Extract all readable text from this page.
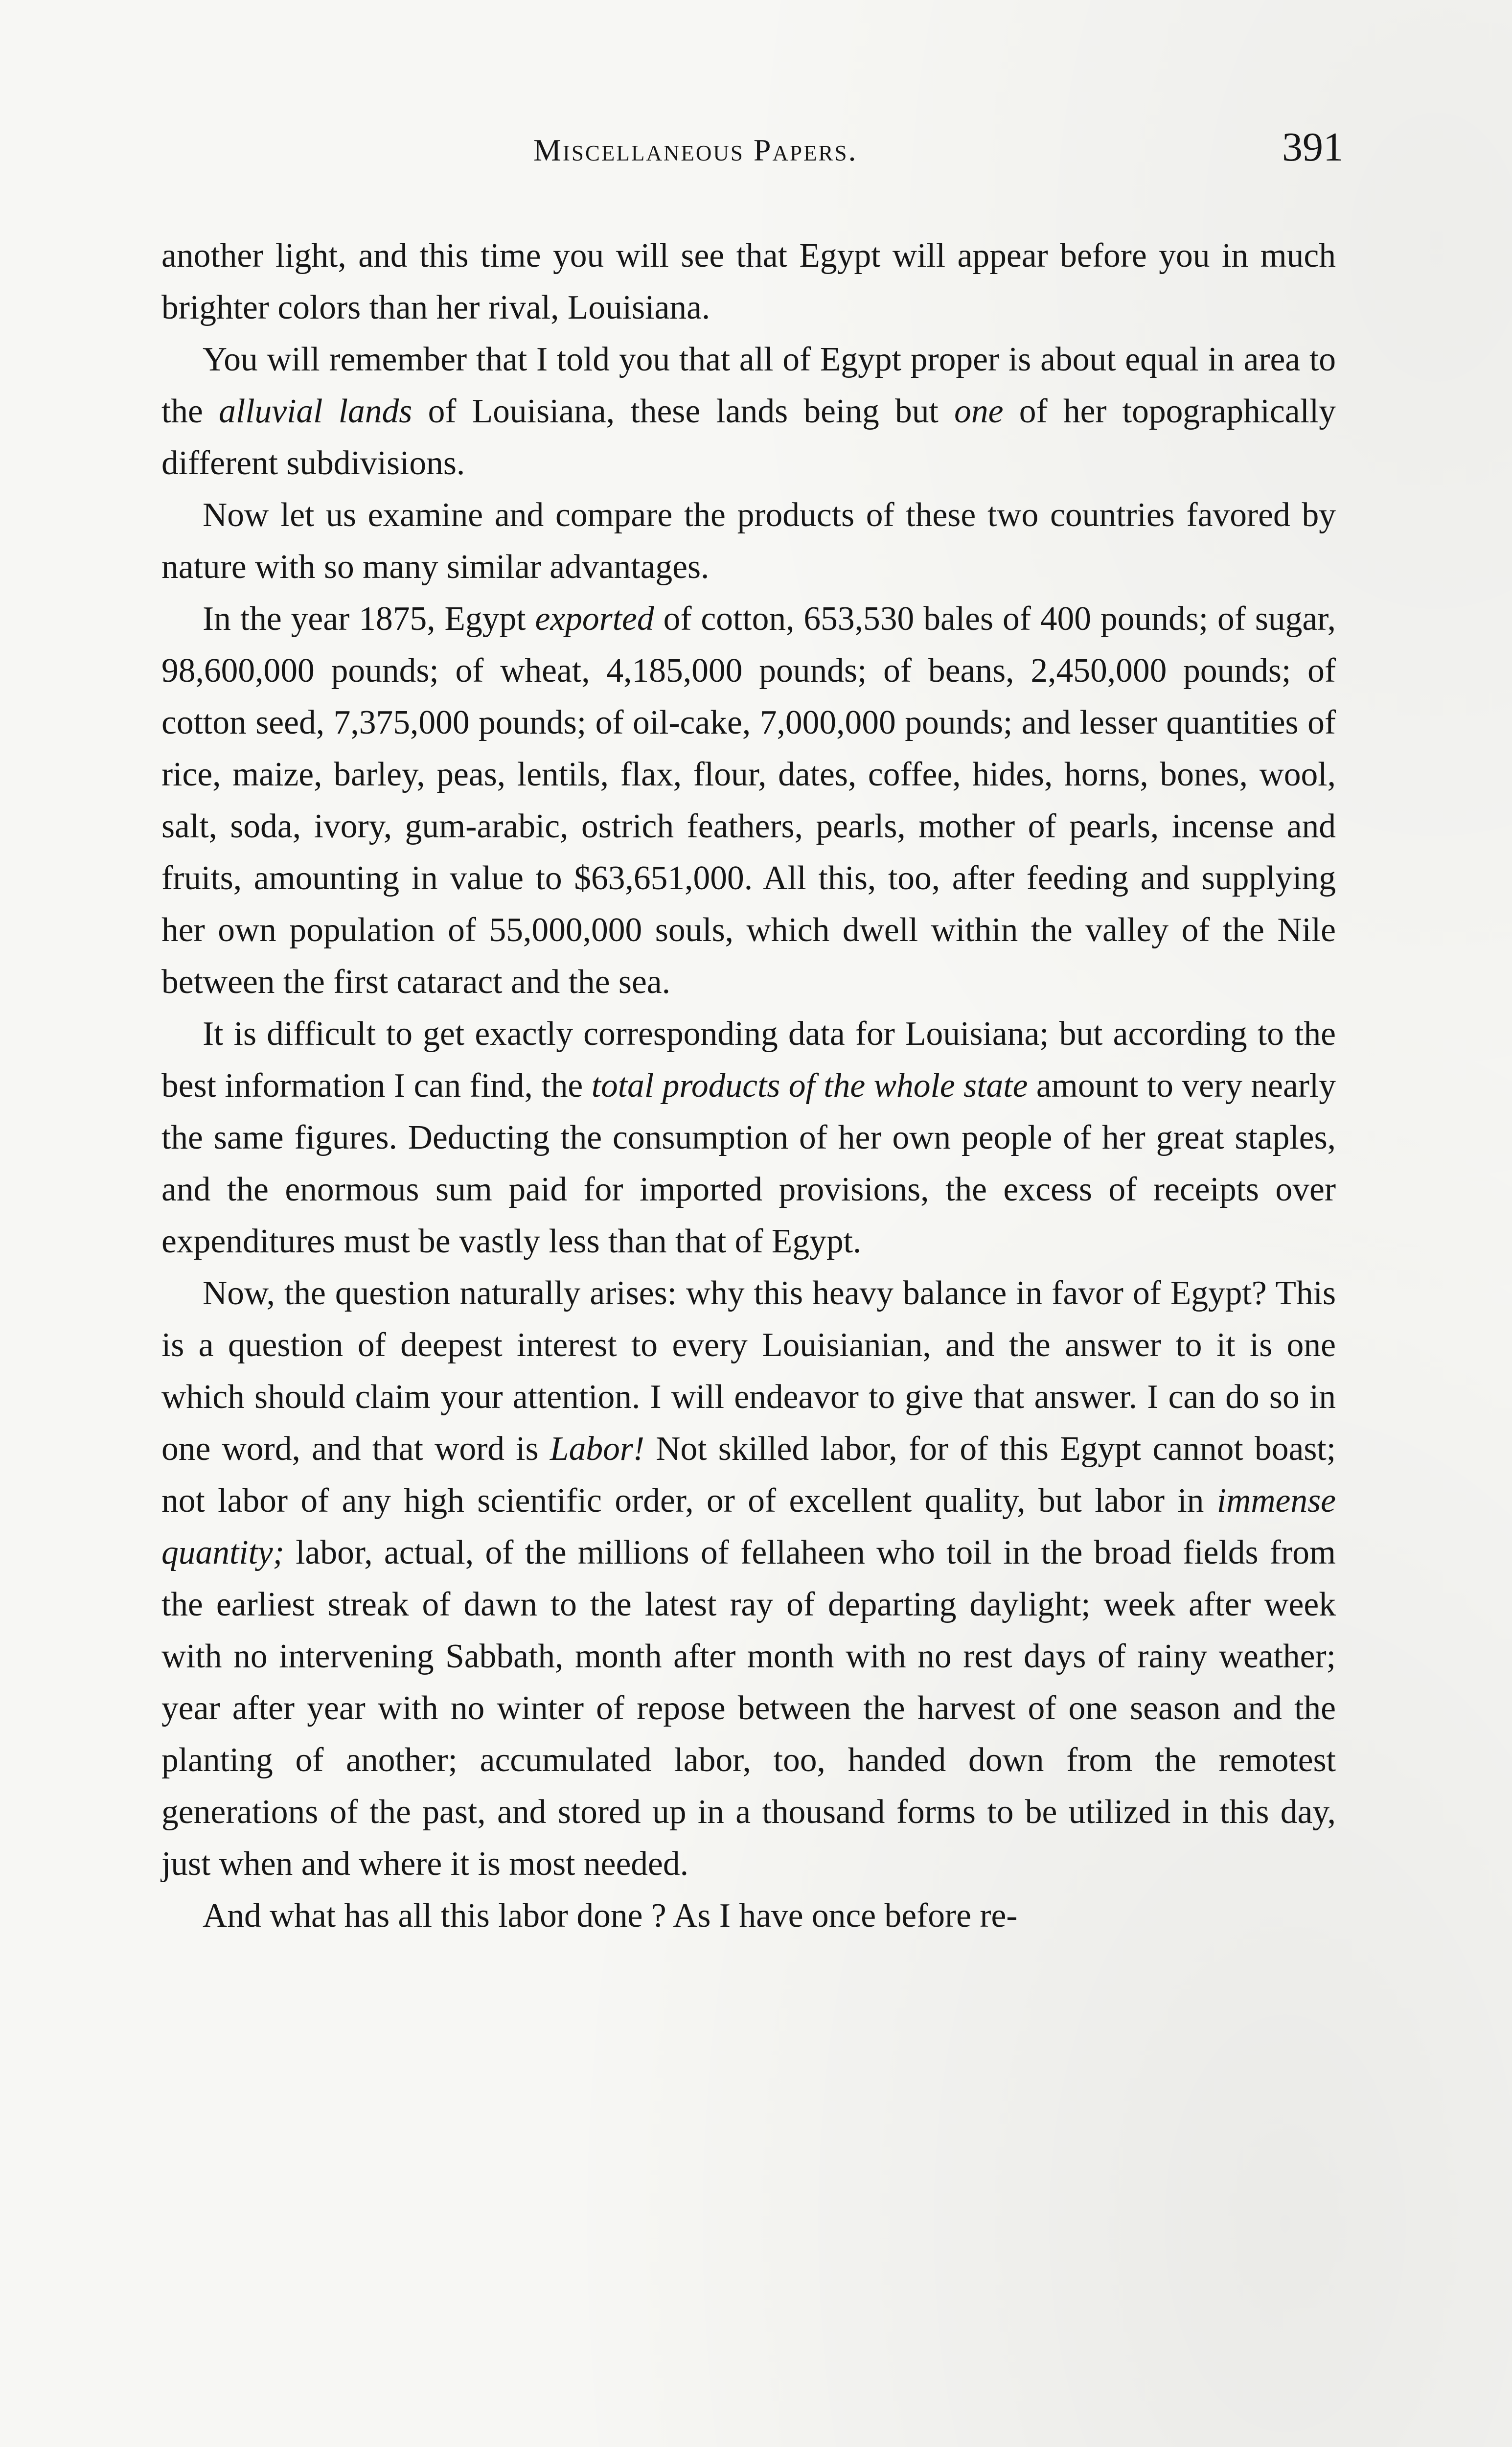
Miscellaneous Papers.	391

another light, and this time you will see that Egypt will appear before you in much brighter colors than her rival, Louisiana.

You will remember that I told you that all of Egypt proper is about equal in area to the alluvial lands of Louisiana, these lands being but one of her topographically different subdivisions.

Now let us examine and compare the products of these two countries favored by nature with so many similar advantages.

In the year 1875, Egypt exported of cotton, 653,530 bales of 400 pounds; of sugar, 98,600,000 pounds; of wheat, 4,185,000 pounds; of beans, 2,450,000 pounds; of cotton seed, 7,375,000 pounds; of oil-cake, 7,000,000 pounds; and lesser quantities of rice, maize, barley, peas, lentils, flax, flour, dates, coffee, hides, horns, bones, wool, salt, soda, ivory, gum-arabic, ostrich feathers, pearls, mother of pearls, incense and fruits, amounting in value to $63,651,000. All this, too, after feeding and supplying her own population of 55,000,000 souls, which dwell within the valley of the Nile between the first cataract and the sea.

It is difficult to get exactly corresponding data for Louisiana; but according to the best information I can find, the total products of the whole state amount to very nearly the same figures. Deducting the consumption of her own people of her great staples, and the enormous sum paid for imported provisions, the excess of receipts over expenditures must be vastly less than that of Egypt.

Now, the question naturally arises: why this heavy balance in favor of Egypt? This is a question of deepest interest to every Louisianian, and the answer to it is one which should claim your attention. I will endeavor to give that answer. I can do so in one word, and that word is Labor! Not skilled labor, for of this Egypt cannot boast; not labor of any high scientific order, or of excellent quality, but labor in immense quantity; labor, actual, of the millions of fellaheen who toil in the broad fields from the earliest streak of dawn to the latest ray of departing daylight; week after week with no intervening Sabbath, month after month with no rest days of rainy weather; year after year with no winter of repose between the harvest of one season and the planting of another; accumulated labor, too, handed down from the remotest generations of the past, and stored up in a thousand forms to be utilized in this day, just when and where it is most needed.

And what has all this labor done ? As I have once before re-
